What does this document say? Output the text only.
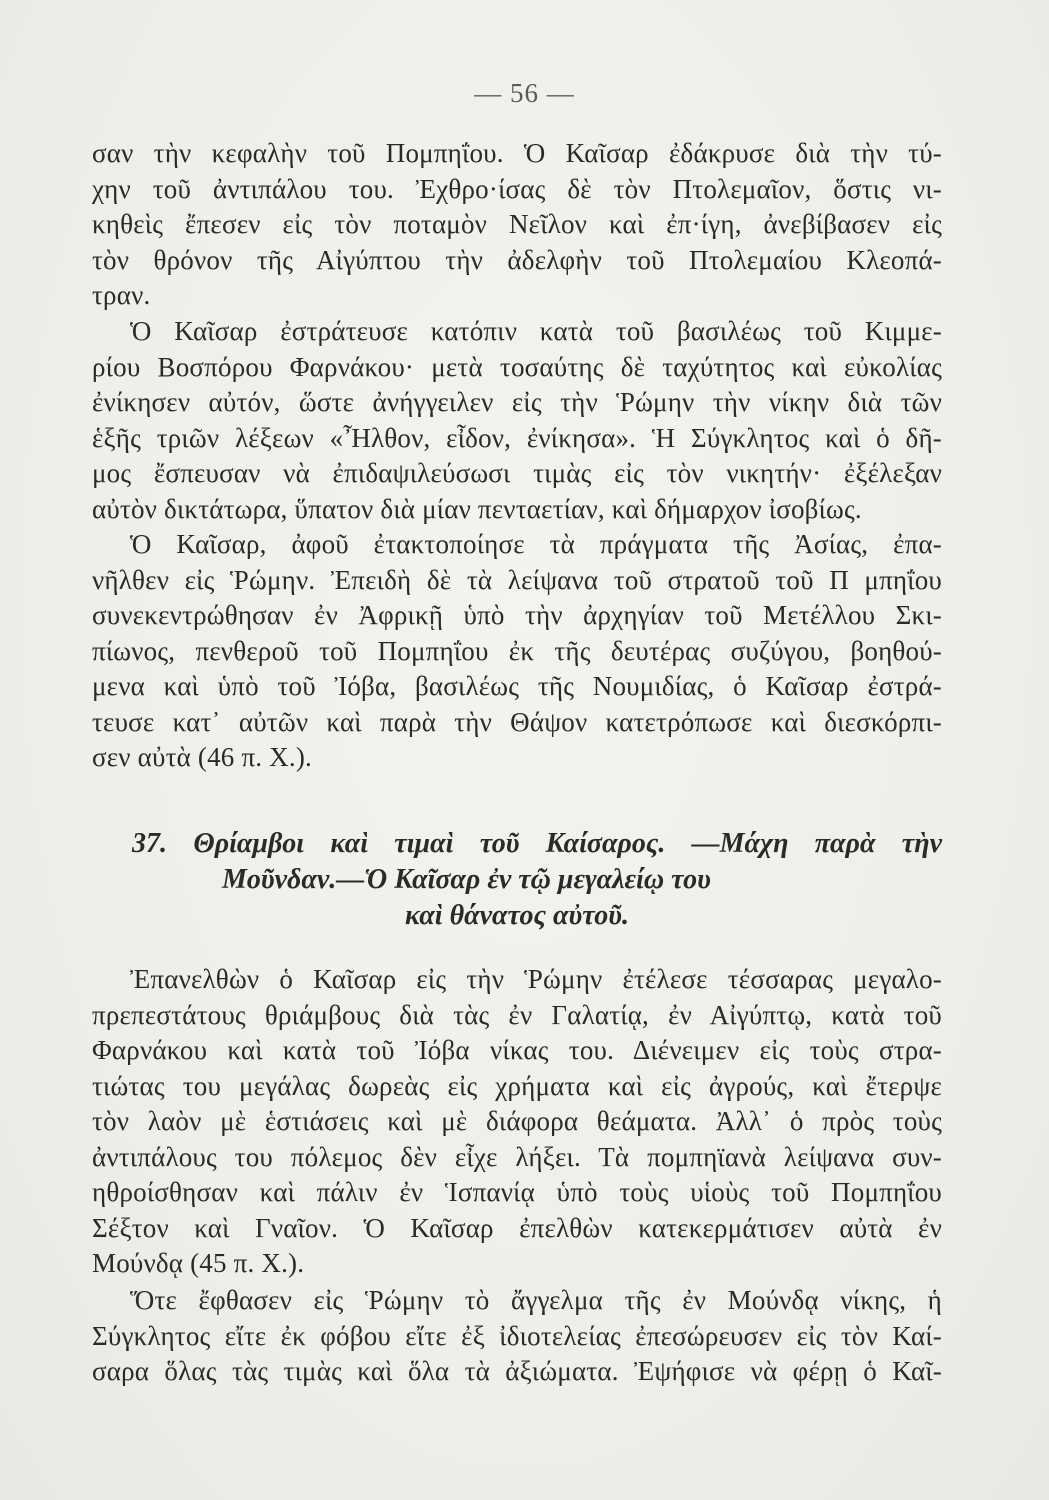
— 56 —
σαν τὴν κεφαλὴν τοῦ Πομπηΐου. Ὁ Καῖσαρ ἐδάκρυσε διὰ τὴν τύ-
χην τοῦ ἀντιπάλου του. Ἐχθρο·ίσας δὲ τὸν Πτολεμαῖον, ὅστις νι-
κηθεὶς ἔπεσεν εἰς τὸν ποταμὸν Νεῖλον καὶ ἐπ·ίγη, ἀνεβίβασεν εἰς
τὸν θρόνον τῆς Αἰγύπτου τὴν ἀδελφὴν τοῦ Πτολεμαίου Κλεοπά-
τραν.
Ὁ Καῖσαρ ἐστράτευσε κατόπιν κατὰ τοῦ βασιλέως τοῦ Κιμμε-
ρίου Βοσπόρου Φαρνάκου· μετὰ τοσαύτης δὲ ταχύτητος καὶ εὐκολίας
ἐνίκησεν αὐτόν, ὥστε ἀνήγγειλεν εἰς τὴν Ῥώμην τὴν νίκην διὰ τῶν
ἑξῆς τριῶν λέξεων «Ἦλθον, εἶδον, ἐνίκησα». Ἡ Σύγκλητος καὶ ὁ δῆ-
μος ἔσπευσαν νὰ ἐπιδαψιλεύσωσι τιμὰς εἰς τὸν νικητήν· ἐξέλεξαν
αὐτὸν δικτάτωρα, ὕπατον διὰ μίαν πενταετίαν, καὶ δήμαρχον ἰσοβίως.
Ὁ Καῖσαρ, ἀφοῦ ἐτακτοποίησε τὰ πράγματα τῆς Ἀσίας, ἐπα-
νῆλθεν εἰς Ῥώμην. Ἐπειδὴ δὲ τὰ λείψανα τοῦ στρατοῦ τοῦ Π μπηΐου
συνεκεντρώθησαν ἐν Ἀφρικῇ ὑπὸ τὴν ἀρχηγίαν τοῦ Μετέλλου Σκι-
πίωνος, πενθεροῦ τοῦ Πομπηΐου ἐκ τῆς δευτέρας συζύγου, βοηθού-
μενα καὶ ὑπὸ τοῦ Ἰόβα, βασιλέως τῆς Νουμιδίας, ὁ Καῖσαρ ἐστρά-
τευσε κατ᾽ αὐτῶν καὶ παρὰ τὴν Θάψον κατετρόπωσε καὶ διεσκόρπι-
σεν αὐτὰ (46 π. Χ.).
37. Θρίαμβοι καὶ τιμαὶ τοῦ Καίσαρος. —Μάχη παρὰ τὴν
Μοῦνδαν.—Ὁ Καῖσαρ ἐν τῷ μεγαλείῳ του
καὶ θάνατος αὐτοῦ.
Ἐπανελθὼν ὁ Καῖσαρ εἰς τὴν Ῥώμην ἐτέλεσε τέσσαρας μεγαλο-
πρεπεστάτους θριάμβους διὰ τὰς ἐν Γαλατίᾳ, ἐν Αἰγύπτῳ, κατὰ τοῦ
Φαρνάκου καὶ κατὰ τοῦ Ἰόβα νίκας του. Διένειμεν εἰς τοὺς στρα-
τιώτας του μεγάλας δωρεὰς εἰς χρήματα καὶ εἰς ἀγρούς, καὶ ἔτερψε
τὸν λαὸν μὲ ἑστιάσεις καὶ μὲ διάφορα θεάματα. Ἀλλ᾽ ὁ πρὸς τοὺς
ἀντιπάλους του πόλεμος δὲν εἶχε λήξει. Τὰ πομπηϊανὰ λείψανα συν-
ηθροίσθησαν καὶ πάλιν ἐν Ἱσπανίᾳ ὑπὸ τοὺς υἱοὺς τοῦ Πομπηΐου
Σέξτον καὶ Γναῖον. Ὁ Καῖσαρ ἐπελθὼν κατεκερμάτισεν αὐτὰ ἐν
Μούνδᾳ (45 π. Χ.).
Ὅτε ἔφθασεν εἰς Ῥώμην τὸ ἄγγελμα τῆς ἐν Μούνδᾳ νίκης, ἡ
Σύγκλητος εἴτε ἐκ φόβου εἴτε ἐξ ἰδιοτελείας ἐπεσώρευσεν εἰς τὸν Καί-
σαρα ὅλας τὰς τιμὰς καὶ ὅλα τὰ ἀξιώματα. Ἐψήφισε νὰ φέρῃ ὁ Καῖ-
